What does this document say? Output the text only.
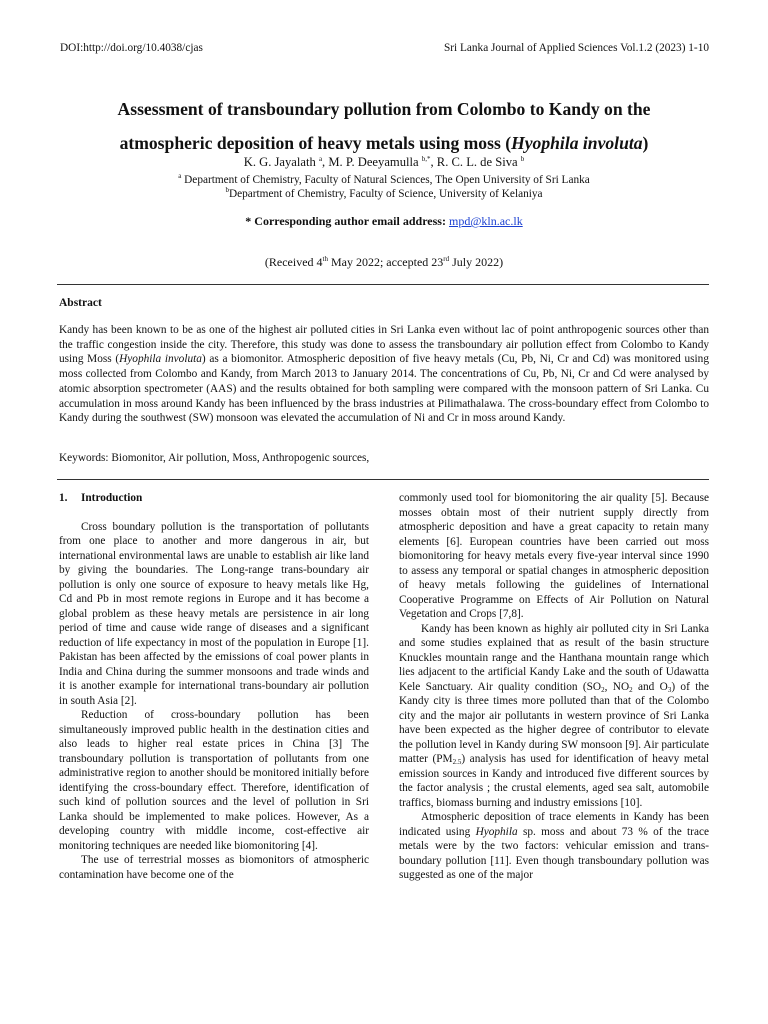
DOI:http://doi.org/10.4038/cjas	Sri Lanka Journal of Applied Sciences Vol.1.2 (2023) 1-10
Assessment of transboundary pollution from Colombo to Kandy on the
atmospheric deposition of heavy metals using moss (Hyophila involuta)
K. G. Jayalath $^a$, M. P. Deeyamulla $^{b,*}$, R. C. L. de Siva $^b$
$^a$ Department of Chemistry, Faculty of Natural Sciences, The Open University of Sri Lanka
$^b$Department of Chemistry, Faculty of Science, University of Kelaniya
* Corresponding author email address: mpd@kln.ac.lk
(Received 4th May 2022; accepted 23rd July 2022)
Abstract

Kandy has been known to be as one of the highest air polluted cities in Sri Lanka even without lac of point anthropogenic sources other than the traffic congestion inside the city. Therefore, this study was done to assess the transboundary air pollution effect from Colombo to Kandy using Moss (Hyophila involuta) as a biomonitor. Atmospheric deposition of five heavy metals (Cu, Pb, Ni, Cr and Cd) was monitored using moss collected from Colombo and Kandy, from March 2013 to January 2014. The concentrations of Cu, Pb, Ni, Cr and Cd were analysed by atomic absorption spectrometer (AAS) and the results obtained for both sampling were compared with the monsoon pattern of Sri Lanka. Cu accumulation in moss around Kandy has been influenced by the brass industries at Pilimathalawa. The cross-boundary effect from Colombo to Kandy during the southwest (SW) monsoon was elevated the accumulation of Ni and Cr in moss around Kandy.

Keywords: Biomonitor, Air pollution, Moss, Anthropogenic sources,

1. Introduction

Cross boundary pollution is the transportation of pollutants from one place to another and more dangerous in air, but international environmental laws are unable to establish air like land by giving the boundaries. The Long-range trans-boundary air pollution is only one source of exposure to heavy metals like Hg, Cd and Pb in most remote regions in Europe and it has become a global problem as these heavy metals are persistence in air long period of time and cause wide range of diseases and a significant reduction of life expectancy in most of the population in Europe [1]. Pakistan has been affected by the emissions of coal power plants in India and China during the summer monsoons and trade winds and it is another example for international trans-boundary air pollution in south Asia [2].

Reduction of cross-boundary pollution has been simultaneously improved public health in the destination cities and also leads to higher real estate prices in China [3] The transboundary pollution is transportation of pollutants from one administrative region to another should be monitored initially before identifying the cross-boundary effect. Therefore, identification of such kind of pollution sources and the level of pollution in Sri Lanka should be implemented to make polices. However, As a developing country with middle income, cost-effective air monitoring techniques are needed like biomonitoring [4].

The use of terrestrial mosses as biomonitors of atmospheric contamination have become one of the

commonly used tool for biomonitoring the air quality [5]. Because mosses obtain most of their nutrient supply directly from atmospheric deposition and have a great capacity to retain many elements [6]. European countries have been carried out moss biomonitoring for heavy metals every five-year interval since 1990 to assess any temporal or spatial changes in atmospheric deposition of heavy metals following the guidelines of International Cooperative Programme on Effects of Air Pollution on Natural Vegetation and Crops [7,8].

Kandy has been known as highly air polluted city in Sri Lanka and some studies explained that as result of the basin structure Knuckles mountain range and the Hanthana mountain range which lies adjacent to the artificial Kandy Lake and the south of Udawatta Kele Sanctuary. Air quality condition ($SO_2$, $NO_2$ and $O_3$) of the Kandy city is three times more polluted than that of the Colombo city and the major air pollutants in western province of Sri Lanka have been expected as the higher degree of contributor to elevate the pollution level in Kandy during SW monsoon [9]. Air particulate matter $(PM_{2.5})$ analysis has used for identification of heavy metal emission sources in Kandy and introduced five different sources by the factor analysis ; the crustal elements, aged sea salt, automobile traffics, biomass burning and industry emissions [10].

Atmospheric deposition of trace elements in Kandy has been indicated using Hyophila sp. moss and about 73 % of the trace metals were by the two factors: vehicular emission and trans-boundary pollution [11]. Even though transboundary pollution was suggested as one of the major
